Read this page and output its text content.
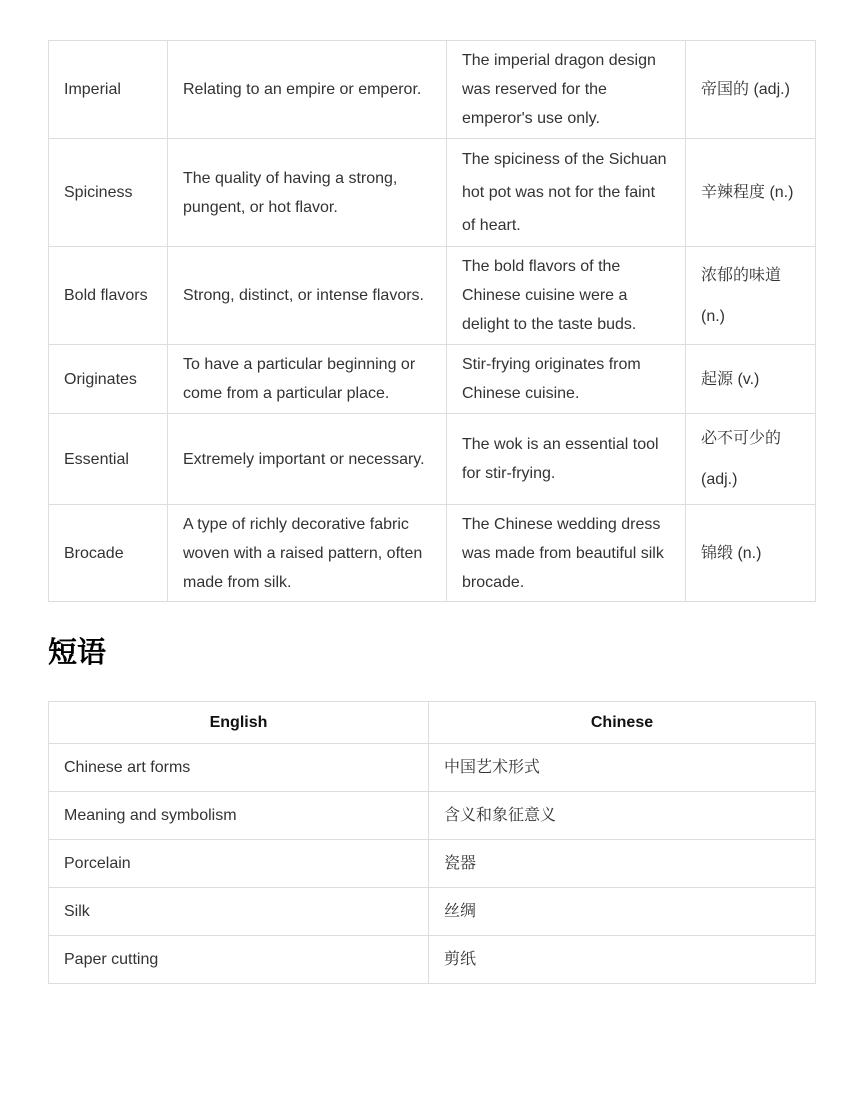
Imperial	Relating to an empire or emperor.	The imperial dragon design was reserved for the emperor's use only.	帝国的 (adj.)
Spiciness	The quality of having a strong, pungent, or hot flavor.	The spiciness of the Sichuan hot pot was not for the faint of heart.	辛辣程度 (n.)
Bold flavors	Strong, distinct, or intense flavors.	The bold flavors of the Chinese cuisine were a delight to the taste buds.	浓郁的味道 (n.)
Originates	To have a particular beginning or come from a particular place.	Stir-frying originates from Chinese cuisine.	起源 (v.)
Essential	Extremely important or necessary.	The wok is an essential tool for stir-frying.	必不可少的 (adj.)
Brocade	A type of richly decorative fabric woven with a raised pattern, often made from silk.	The Chinese wedding dress was made from beautiful silk brocade.	锦缎 (n.)
短语
English	Chinese
Chinese art forms	中国艺术形式
Meaning and symbolism	含义和象征意义
Porcelain	瓷器
Silk	丝绸
Paper cutting	剪纸
